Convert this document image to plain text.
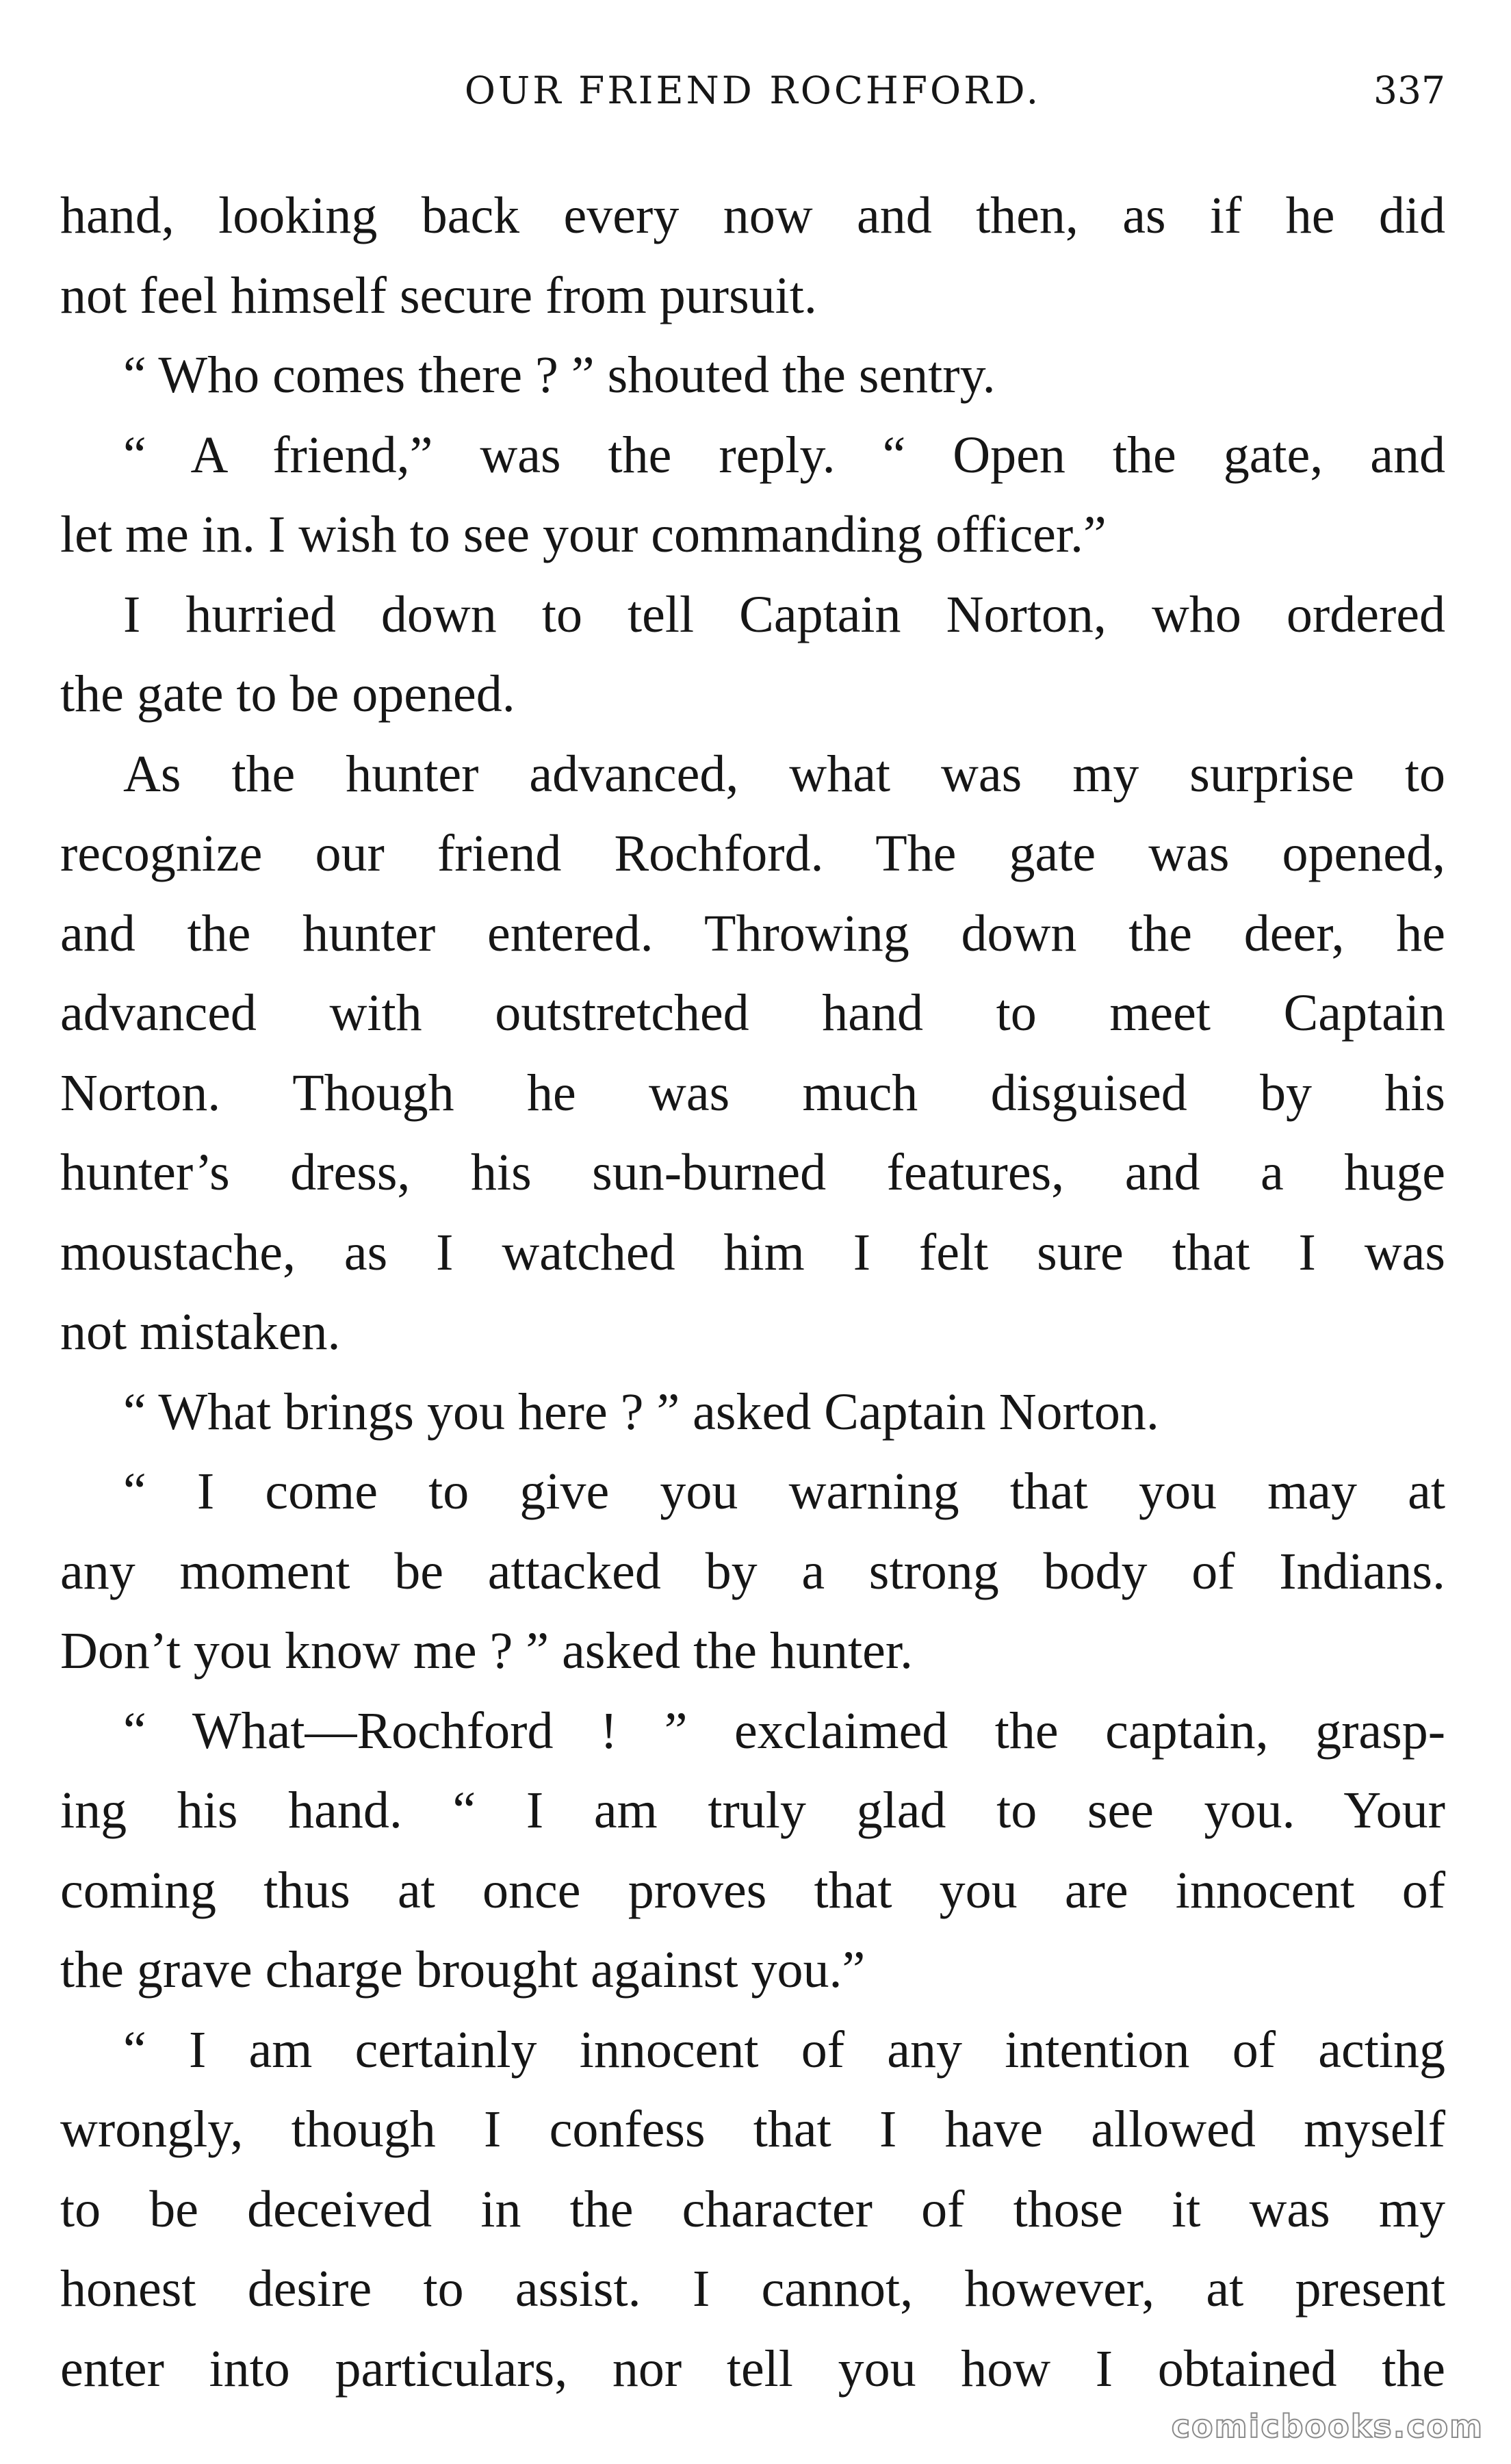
OUR FRIEND ROCHFORD.	337
hand, looking back every now and then, as if he did
not feel himself secure from pursuit.
“ Who comes there ? ” shouted the sentry.
“ A friend,” was the reply. “ Open the gate, and
let me in. I wish to see your commanding officer.”
I hurried down to tell Captain Norton, who ordered
the gate to be opened.
As the hunter advanced, what was my surprise to
recognize our friend Rochford. The gate was opened,
and the hunter entered. Throwing down the deer, he
advanced with outstretched hand to meet Captain
Norton. Though he was much disguised by his
hunter’s dress, his sun-burned features, and a huge
moustache, as I watched him I felt sure that I was
not mistaken.
“ What brings you here ? ” asked Captain Norton.
“ I come to give you warning that you may at
any moment be attacked by a strong body of Indians.
Don’t you know me ? ” asked the hunter.
“ What—Rochford ! ” exclaimed the captain, grasp-
ing his hand. “ I am truly glad to see you. Your
coming thus at once proves that you are innocent of
the grave charge brought against you.”
“ I am certainly innocent of any intention of acting
wrongly, though I confess that I have allowed myself
to be deceived in the character of those it was my
honest desire to assist. I cannot, however, at present
enter into particulars, nor tell you how I obtained the
comicbooks.com
